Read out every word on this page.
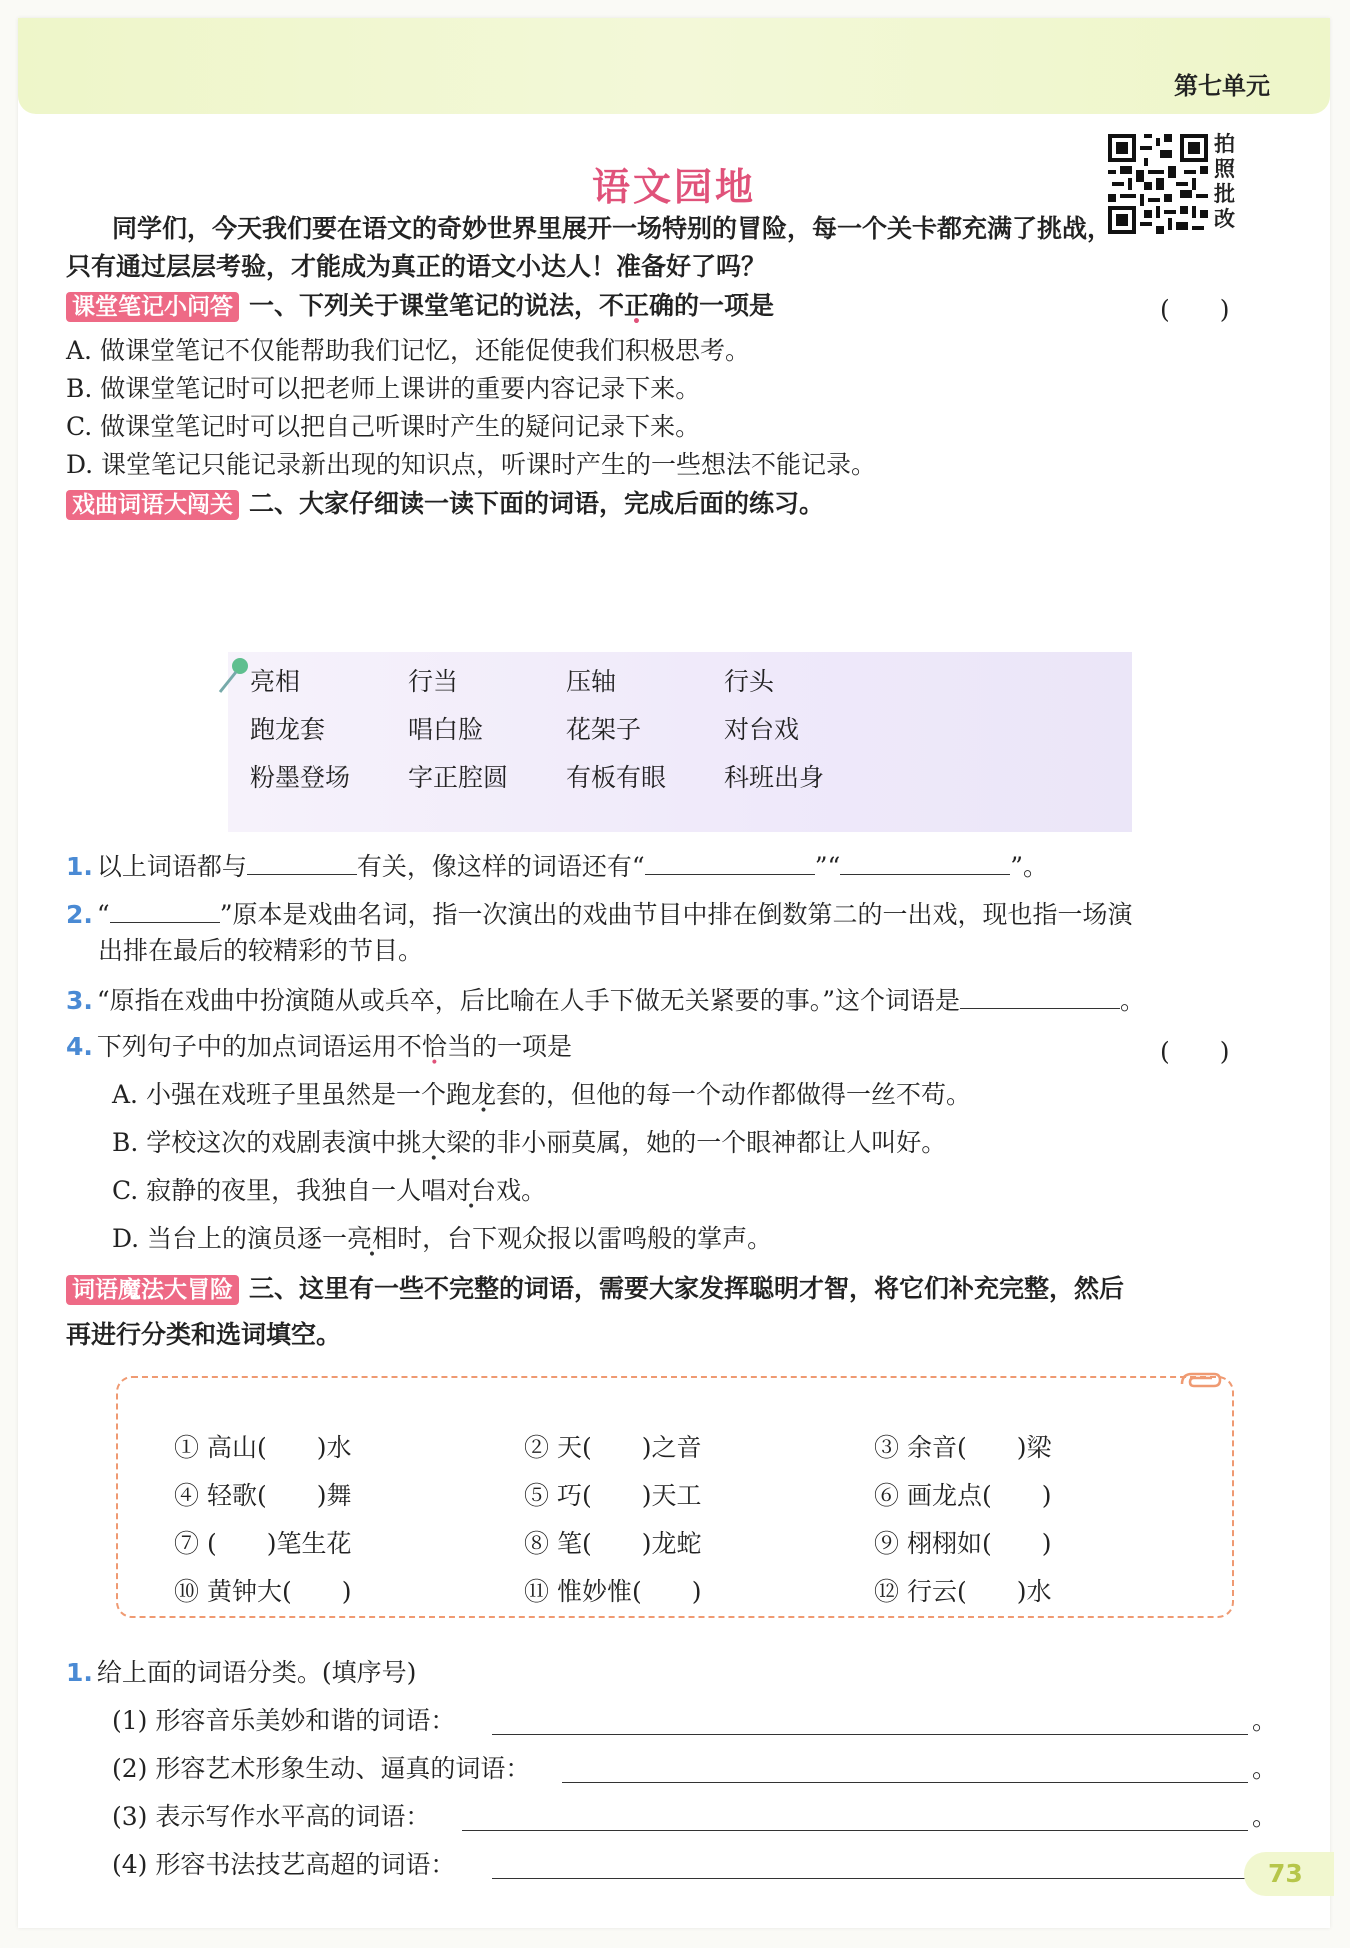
第七单元
语文园地
拍
照
批
改
同学们，今天我们要在语文的奇妙世界里展开一场特别的冒险，每一个关卡都充满了挑战，
只有通过层层考验，才能成为真正的语文小达人！准备好了吗？
课堂笔记小问答 一、下列关于课堂笔记的说法，不正确的一项是	(　　)
A. 做课堂笔记不仅能帮助我们记忆，还能促使我们积极思考。
B. 做课堂笔记时可以把老师上课讲的重要内容记录下来。
C. 做课堂笔记时可以把自己听课时产生的疑问记录下来。
D. 课堂笔记只能记录新出现的知识点，听课时产生的一些想法不能记录。
戏曲词语大闯关 二、大家仔细读一读下面的词语，完成后面的练习。
亮相	行当	压轴	行头
跑龙套	唱白脸	花架子	对台戏
粉墨登场 字正腔圆 有板有眼 科班出身
1. 以上词语都与	有关，像这样的词语还有“	”“	”。
2. “	”原本是戏曲名词，指一次演出的戏曲节目中排在倒数第二的一出戏，现也指一场演
出排在最后的较精彩的节目。
3. “原指在戏曲中扮演随从或兵卒，后比喻在人手下做无关紧要的事。”这个词语是	。
4. 下列句子中的加点词语运用不恰当的一项是	(　　)
A. 小强在戏班子里虽然是一个跑龙套的，但他的每一个动作都做得一丝不苟。
B. 学校这次的戏剧表演中挑大梁的非小丽莫属，她的一个眼神都让人叫好。
C. 寂静的夜里，我独自一人唱对台戏。
D. 当台上的演员逐一亮相时，台下观众报以雷鸣般的掌声。
词语魔法大冒险 三、这里有一些不完整的词语，需要大家发挥聪明才智，将它们补充完整，然后
再进行分类和选词填空。
① 高山(　　)水	② 天(　　)之音	③ 余音(　　)梁
④ 轻歌(　　)舞	⑤ 巧(　　)天工	⑥ 画龙点(　　)
⑦ (　　)笔生花	⑧ 笔(　　)龙蛇	⑨ 栩栩如(　　)
⑩ 黄钟大(　　)	⑪ 惟妙惟(　　)	⑫ 行云(　　)水
1. 给上面的词语分类。(填序号)
(1) 形容音乐美妙和谐的词语：	。
(2) 形容艺术形象生动、逼真的词语：	。
(3) 表示写作水平高的词语：	。
(4) 形容书法技艺高超的词语：	73
